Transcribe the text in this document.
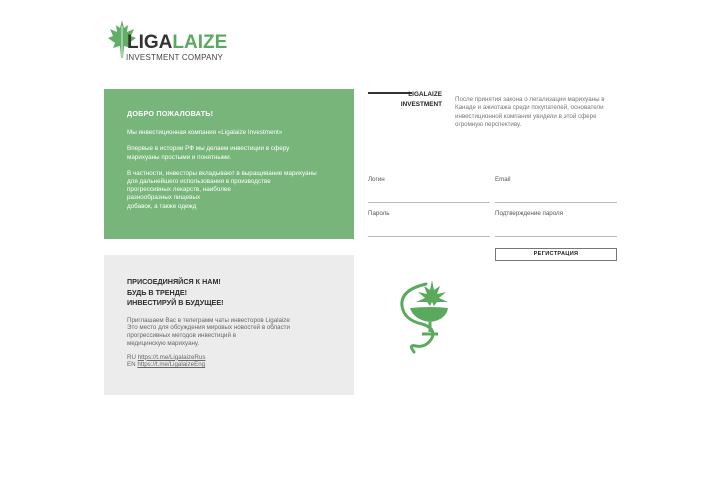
LIGALAIZE
INVESTMENT COMPANY
ДОБРО ПОЖАЛОВАТЬ!

Мы инвестиционная компания «Ligalaize Investment»

Впервые в истории РФ мы делаем инвестиции в сферу
марихуаны простыми и понятными.

В частности, инвесторы вкладывают в выращивание марихуаны
для дальнейшего использования в производстве
прогрессивных лекарств, наиболее
разнообразных пищевых
добавок, а также одежд

ПРИСОЕДИНЯЙСЯ К НАМ!
БУДЬ В ТРЕНДЕ!
ИНВЕСТИРУЙ В БУДУЩЕЕ!
Приглашаем Вас в телеграмм чаты инвесторов Ligalaize
Это место для обсуждения мировых новостей в области
прогрессивных методов инвестиций в
медицинскую марихуану.
RU https://t.me/LigalaizeRus
EN https://t.me/LigalaizeEng
LIGALAIZE
INVESTMENT
После принятия закона о легализации марихуаны в
Канаде и ажиотажа среди покупателей, основатели
инвестиционной компании увидели в этой сфере
огромную перспективу.
Логин	Email
Пароль	Подтверждение пароля
РЕГИСТРАЦИЯ
